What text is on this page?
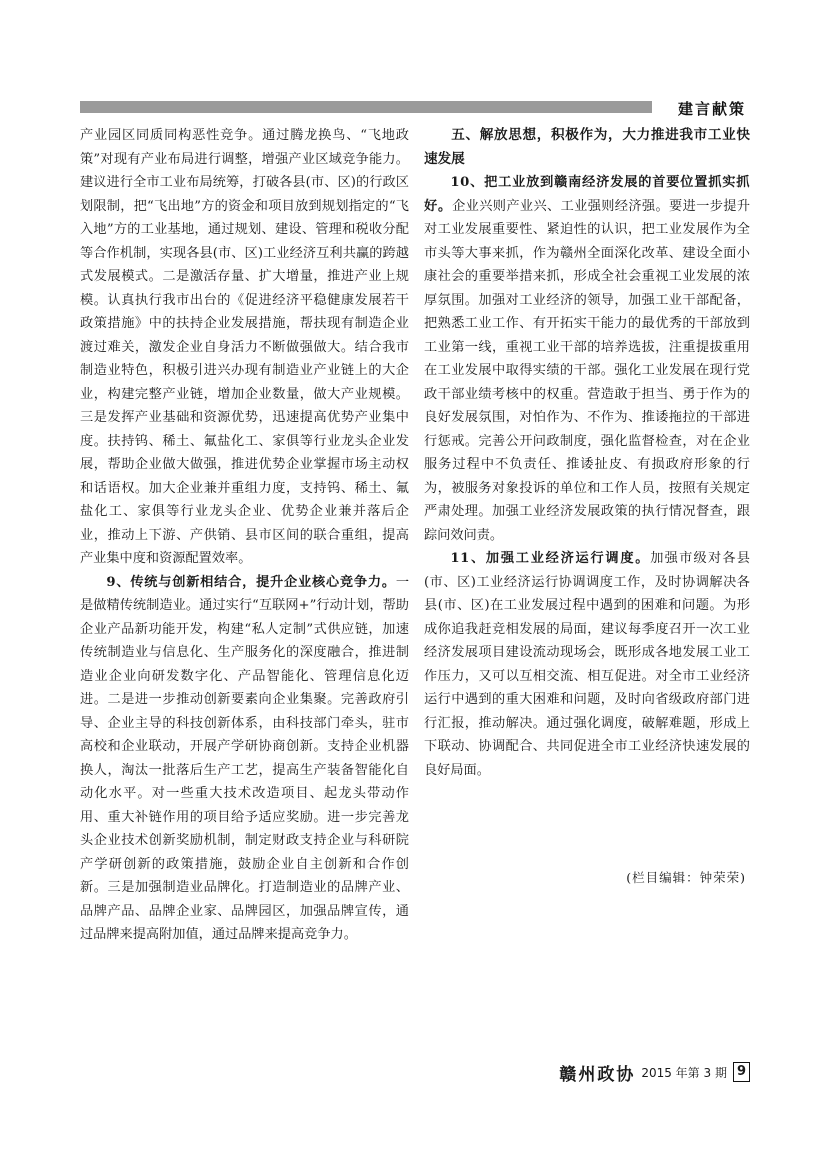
建言献策

产业园区同质同构恶性竞争。通过腾龙换鸟、“飞地政策”对现有产业布局进行调整，增强产业区域竞争能力。建议进行全市工业布局统筹，打破各县(市、区)的行政区划限制，把“飞出地”方的资金和项目放到规划指定的“飞入地”方的工业基地，通过规划、建设、管理和税收分配等合作机制，实现各县(市、区)工业经济互利共赢的跨越式发展模式。二是激活存量、扩大增量，推进产业上规模。认真执行我市出台的《促进经济平稳健康发展若干政策措施》中的扶持企业发展措施，帮扶现有制造企业渡过难关，激发企业自身活力不断做强做大。结合我市制造业特色，积极引进兴办现有制造业产业链上的大企业，构建完整产业链，增加企业数量，做大产业规模。三是发挥产业基础和资源优势，迅速提高优势产业集中度。扶持钨、稀土、氟盐化工、家俱等行业龙头企业发展，帮助企业做大做强，推进优势企业掌握市场主动权和话语权。加大企业兼并重组力度，支持钨、稀土、氟盐化工、家俱等行业龙头企业、优势企业兼并落后企业，推动上下游、产供销、县市区间的联合重组，提高产业集中度和资源配置效率。

9、传统与创新相结合，提升企业核心竞争力。一是做精传统制造业。通过实行“互联网+”行动计划，帮助企业产品新功能开发，构建“私人定制”式供应链，加速传统制造业与信息化、生产服务化的深度融合，推进制造业企业向研发数字化、产品智能化、管理信息化迈进。二是进一步推动创新要素向企业集聚。完善政府引导、企业主导的科技创新体系，由科技部门牵头，驻市高校和企业联动，开展产学研协商创新。支持企业机器换人，淘汰一批落后生产工艺，提高生产装备智能化自动化水平。对一些重大技术改造项目、起龙头带动作用、重大补链作用的项目给予适应奖励。进一步完善龙头企业技术创新奖励机制，制定财政支持企业与科研院产学研创新的政策措施，鼓励企业自主创新和合作创新。三是加强制造业品牌化。打造制造业的品牌产业、品牌产品、品牌企业家、品牌园区，加强品牌宣传，通过品牌来提高附加值，通过品牌来提高竞争力。

五、解放思想，积极作为，大力推进我市工业快速发展

10、把工业放到赣南经济发展的首要位置抓实抓好。企业兴则产业兴、工业强则经济强。要进一步提升对工业发展重要性、紧迫性的认识，把工业发展作为全市头等大事来抓，作为赣州全面深化改革、建设全面小康社会的重要举措来抓，形成全社会重视工业发展的浓厚氛围。加强对工业经济的领导，加强工业干部配备，把熟悉工业工作、有开拓实干能力的最优秀的干部放到工业第一线，重视工业干部的培养选拔，注重提拔重用在工业发展中取得实绩的干部。强化工业发展在现行党政干部业绩考核中的权重。营造敢于担当、勇于作为的良好发展氛围，对怕作为、不作为、推诿拖拉的干部进行惩戒。完善公开问政制度，强化监督检查，对在企业服务过程中不负责任、推诿扯皮、有损政府形象的行为，被服务对象投诉的单位和工作人员，按照有关规定严肃处理。加强工业经济发展政策的执行情况督查，跟踪问效问责。

11、加强工业经济运行调度。加强市级对各县(市、区)工业经济运行协调调度工作，及时协调解决各县(市、区)在工业发展过程中遇到的困难和问题。为形成你追我赶竞相发展的局面，建议每季度召开一次工业经济发展项目建设流动现场会，既形成各地发展工业工作压力，又可以互相交流、相互促进。对全市工业经济运行中遇到的重大困难和问题，及时向省级政府部门进行汇报，推动解决。通过强化调度，破解难题，形成上下联动、协调配合、共同促进全市工业经济快速发展的良好局面。

(栏目编辑：钟荣荣)
赣州政协 2015 年第 3 期 9
